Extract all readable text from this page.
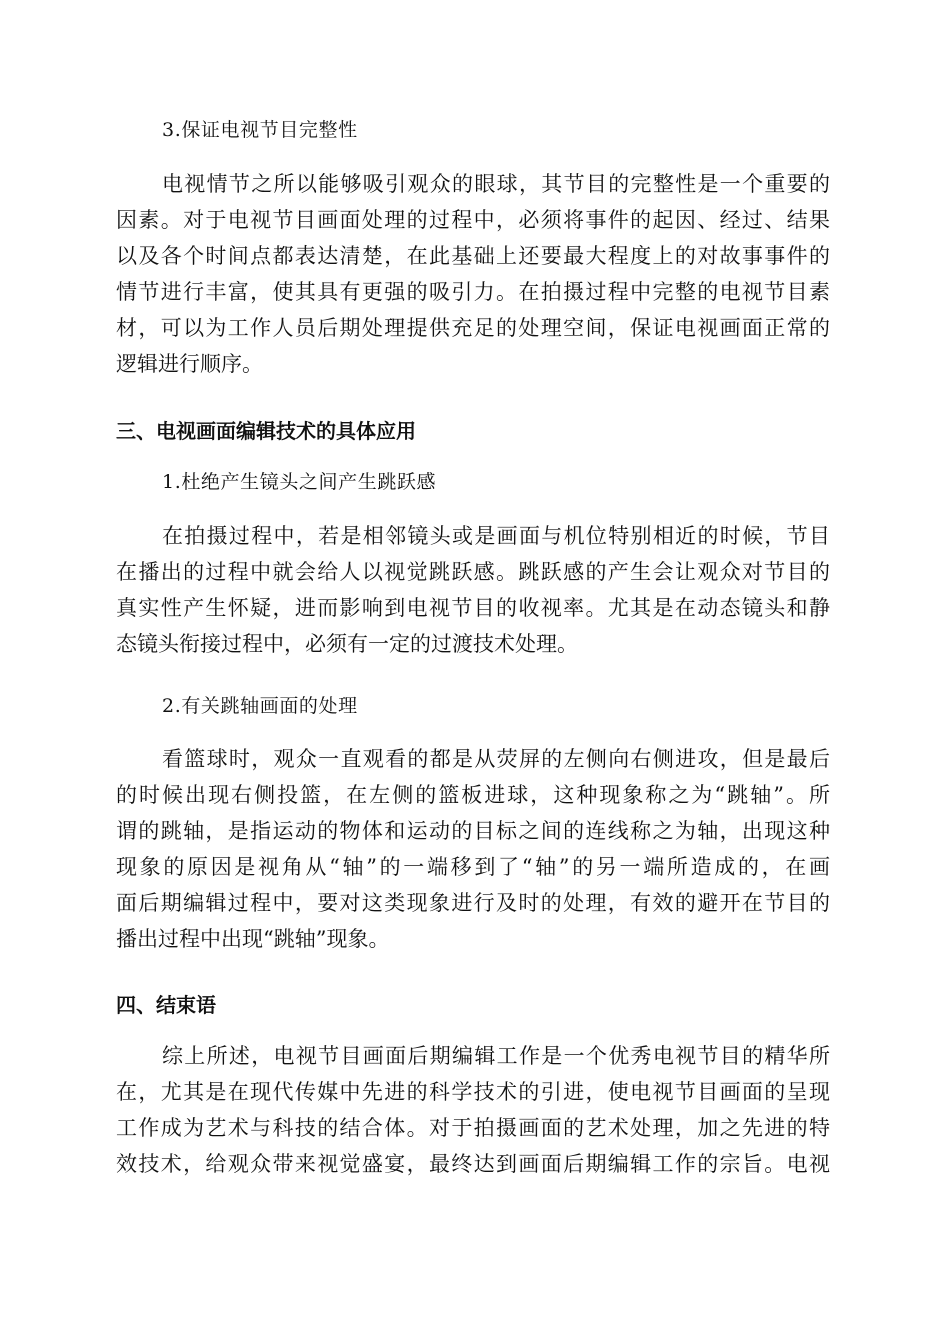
3.保证电视节目完整性

电视情节之所以能够吸引观众的眼球，其节目的完整性是一个重要的
因素。对于电视节目画面处理的过程中，必须将事件的起因、经过、结果
以及各个时间点都表达清楚，在此基础上还要最大程度上的对故事事件的
情节进行丰富，使其具有更强的吸引力。在拍摄过程中完整的电视节目素
材，可以为工作人员后期处理提供充足的处理空间，保证电视画面正常的
逻辑进行顺序。

三、电视画面编辑技术的具体应用
1.杜绝产生镜头之间产生跳跃感

在拍摄过程中，若是相邻镜头或是画面与机位特别相近的时候，节目
在播出的过程中就会给人以视觉跳跃感。跳跃感的产生会让观众对节目的
真实性产生怀疑，进而影响到电视节目的收视率。尤其是在动态镜头和静
态镜头衔接过程中，必须有一定的过渡技术处理。

2.有关跳轴画面的处理

看篮球时，观众一直观看的都是从荧屏的左侧向右侧进攻，但是最后
的时候出现右侧投篮，在左侧的篮板进球，这种现象称之为“跳轴”。所
谓的跳轴，是指运动的物体和运动的目标之间的连线称之为轴，出现这种
现象的原因是视角从“轴”的一端移到了“轴”的另一端所造成的，在画
面后期编辑过程中，要对这类现象进行及时的处理，有效的避开在节目的
播出过程中出现“跳轴”现象。

四、结束语

综上所述，电视节目画面后期编辑工作是一个优秀电视节目的精华所
在，尤其是在现代传媒中先进的科学技术的引进，使电视节目画面的呈现
工作成为艺术与科技的结合体。对于拍摄画面的艺术处理，加之先进的特
效技术，给观众带来视觉盛宴，最终达到画面后期编辑工作的宗旨。电视
